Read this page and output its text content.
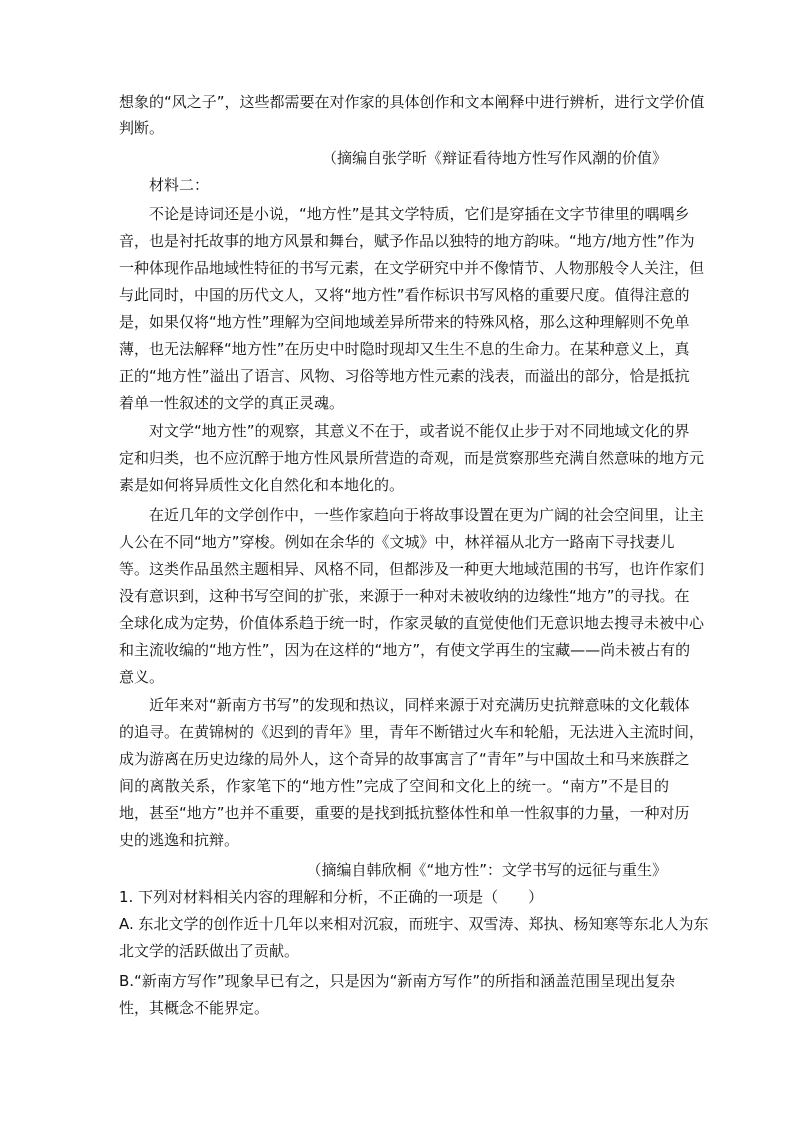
想象的“风之子”，这些都需要在对作家的具体创作和文本阐释中进行辨析，进行文学价值
判断。
（摘编自张学昕《辩证看待地方性写作风潮的价值》
材料二：
不论是诗词还是小说，“地方性”是其文学特质，它们是穿插在文字节律里的喁喁乡
音，也是衬托故事的地方风景和舞台，赋予作品以独特的地方韵味。“地方/地方性”作为
一种体现作品地域性特征的书写元素，在文学研究中并不像情节、人物那般令人关注，但
与此同时，中国的历代文人，又将“地方性”看作标识书写风格的重要尺度。值得注意的
是，如果仅将“地方性”理解为空间地域差异所带来的特殊风格，那么这种理解则不免单
薄，也无法解释“地方性”在历史中时隐时现却又生生不息的生命力。在某种意义上，真
正的“地方性”溢出了语言、风物、习俗等地方性元素的浅表，而溢出的部分，恰是抵抗
着单一性叙述的文学的真正灵魂。
对文学“地方性”的观察，其意义不在于，或者说不能仅止步于对不同地域文化的界
定和归类，也不应沉醉于地方性风景所营造的奇观，而是赏察那些充满自然意味的地方元
素是如何将异质性文化自然化和本地化的。
在近几年的文学创作中，一些作家趋向于将故事设置在更为广阔的社会空间里，让主
人公在不同“地方”穿梭。例如在余华的《文城》中，林祥福从北方一路南下寻找妻儿
等。这类作品虽然主题相异、风格不同，但都涉及一种更大地域范围的书写，也许作家们
没有意识到，这种书写空间的扩张，来源于一种对未被收纳的边缘性“地方”的寻找。在
全球化成为定势，价值体系趋于统一时，作家灵敏的直觉使他们无意识地去搜寻未被中心
和主流收编的“地方性”，因为在这样的“地方”，有使文学再生的宝藏——尚未被占有的
意义。
近年来对“新南方书写”的发现和热议，同样来源于对充满历史抗辩意味的文化载体
的追寻。在黄锦树的《迟到的青年》里，青年不断错过火车和轮船，无法进入主流时间，
成为游离在历史边缘的局外人，这个奇异的故事寓言了“青年”与中国故土和马来族群之
间的离散关系，作家笔下的“地方性”完成了空间和文化上的统一。“南方”不是目的
地，甚至“地方”也并不重要，重要的是找到抵抗整体性和单一性叙事的力量，一种对历
史的逃逸和抗辩。
（摘编自韩欣桐《“地方性”：文学书写的远征与重生》
1. 下列对材料相关内容的理解和分析，不正确的一项是（　　）
A. 东北文学的创作近十几年以来相对沉寂，而班宇、双雪涛、郑执、杨知寒等东北人为东
北文学的活跃做出了贡献。
B.“新南方写作”现象早已有之，只是因为“新南方写作”的所指和涵盖范围呈现出复杂
性，其概念不能界定。
